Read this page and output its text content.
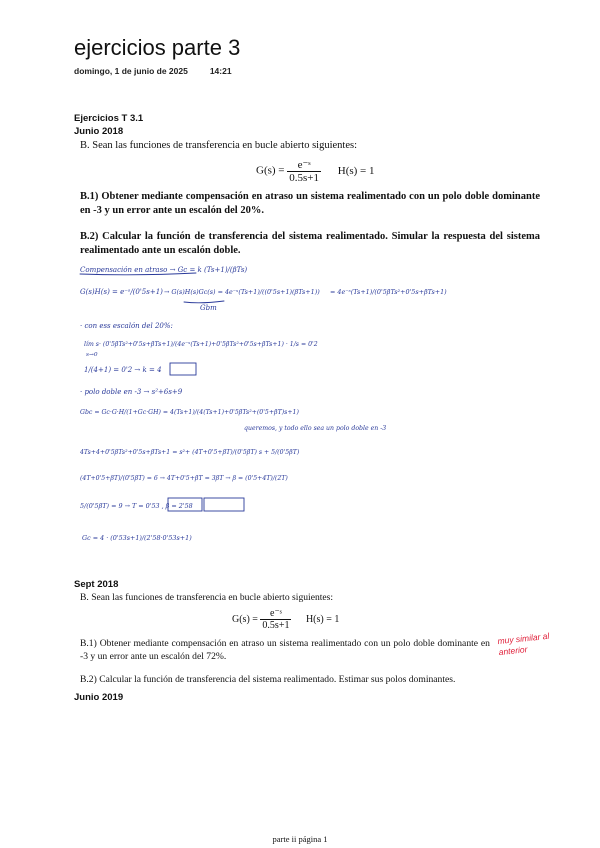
ejercicios parte 3
domingo, 1 de junio de 2025	14:21
Ejercicios T 3.1
Junio 2018
B. Sean las funciones de transferencia en bucle abierto siguientes:
$G(s) = \frac{\text{e⁻ˢ}}{0.5s+1} H(s) = 1$
B.1) Obtener mediante compensación en atraso un sistema realimentado con un polo doble dominante en -3 y un error ante un escalón del 20%.
B.2) Calcular la función de transferencia del sistema realimentado. Simular la respuesta del sistema realimentado ante un escalón doble.
Compensación en atraso → Gc = k (Ts+1)/(βTs)
G(s)H(s) = e⁻ˢ/(0'5s+1) → G(s)H(s)Gc(s) = 4e⁻ˢ(Ts+1)/((0'5s+1)(βTs+1)) = 4e⁻ˢ(Ts+1)/(0'5βTs²+0'5s+βTs+1)
Gbm
· con ess escalón del 20%:
lím s· (0'5βTs²+0'5s+βTs+1)/(4e⁻ˢ(Ts+1)+0'5βTs²+0'5s+βTs+1) · 1/s = 0'2
s→0
1/(4+1) = 0'2 → k = 4
· polo doble en -3 → s²+6s+9
Gbc = Gc·G·H/(1+Gc·GH) = 4(Ts+1)/(4(Ts+1)+0'5βTs²+(0'5+βT)s+1)
queremos, y todo ello sea un polo doble en -3
4Ts+4+0'5βTs²+0'5s+βTs+1 = s²+ (4T+0'5+βT)/(0'5βT) s + 5/(0'5βT)
(4T+0'5+βT)/(0'5βT) = 6 → 4T+0'5+βT = 3βT → β = (0'5+4T)/(2T)
5/(0'5βT) = 9 → T = 0'53 , β = 2'58
Gc = 4 · (0'53s+1)/(2'58·0'53s+1)
Sept 2018
B. Sean las funciones de transferencia en bucle abierto siguientes:
$G(s) = \frac{\text{e⁻ˢ}}{0.5s+1} H(s) = 1$
B.1) Obtener mediante compensación en atraso un sistema realimentado con un polo doble dominante en -3 y un error ante un escalón del 72%.
muy similar al anterior
B.2) Calcular la función de transferencia del sistema realimentado. Estimar sus polos dominantes.
Junio 2019
parte ii página 1
